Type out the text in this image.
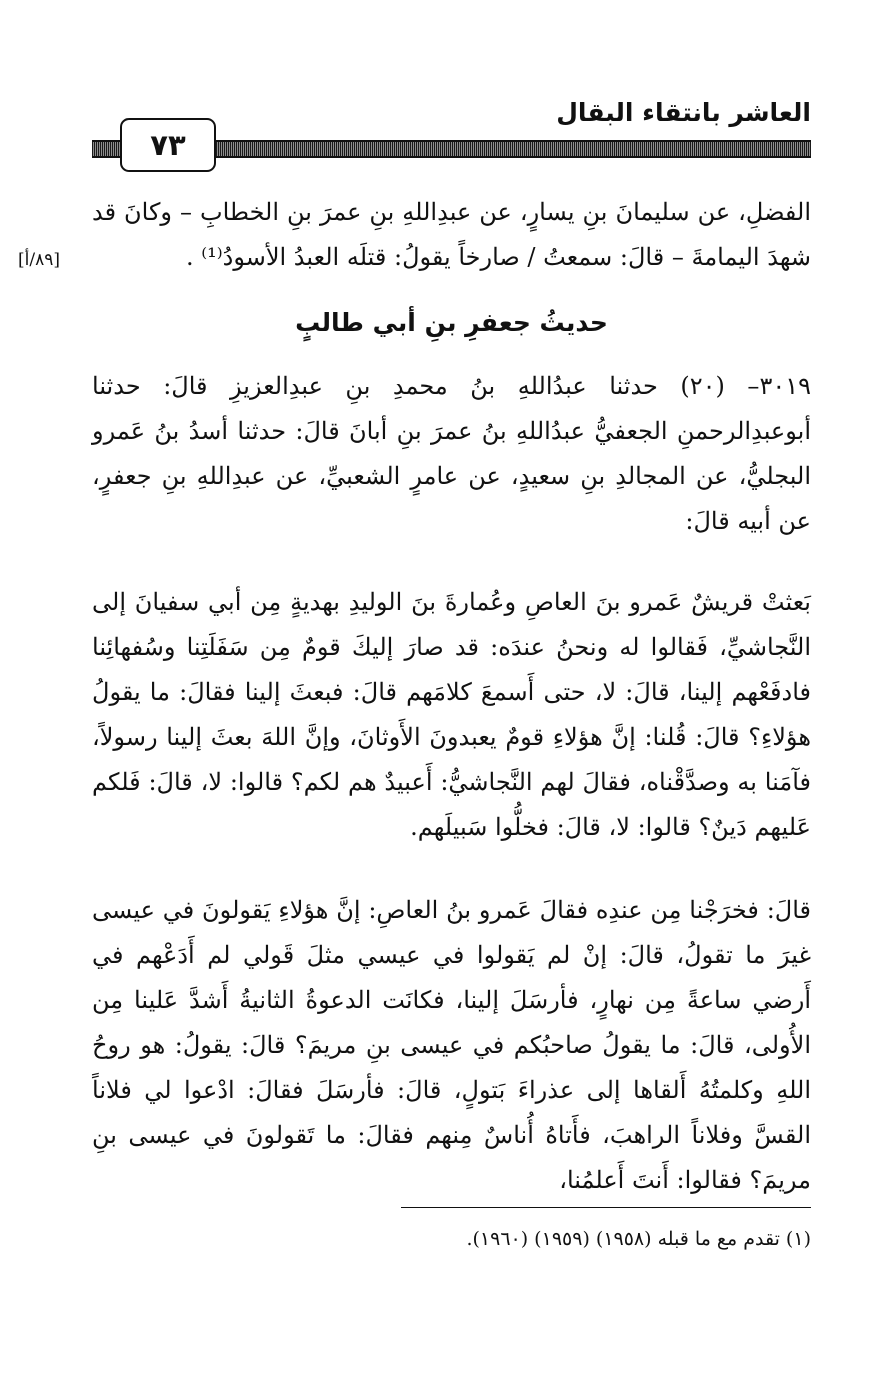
العاشر بانتقاء البقال
٧٣
الفضلِ، عن سليمانَ بنِ يسارٍ، عن عبدِاللهِ بنِ عمرَ بنِ الخطابِ – وكانَ قد شهدَ اليمامةَ – قالَ: سمعتُ / صارخاً يقولُ: قتلَه العبدُ الأسودُ⁽¹⁾ .
[٨٩/أ]
حديثُ جعفرِ بنِ أبي طالبٍ
٣٠١٩– (٢٠) حدثنا عبدُاللهِ بنُ محمدِ بنِ عبدِالعزيزِ قالَ: حدثنا أبوعبدِالرحمنِ الجعفيُّ عبدُاللهِ بنُ عمرَ بنِ أبانَ قالَ: حدثنا أسدُ بنُ عَمرو البجليُّ، عن المجالدِ بنِ سعيدٍ، عن عامرٍ الشعبيِّ، عن عبدِاللهِ بنِ جعفرٍ، عن أبيه قالَ:
بَعثتْ قريشٌ عَمرو بنَ العاصِ وعُمارةَ بنَ الوليدِ بهديةٍ مِن أبي سفيانَ إلى النَّجاشيِّ، فَقالوا له ونحنُ عندَه: قد صارَ إليكَ قومٌ مِن سَفَلَتِنا وسُفهائِنا فادفَعْهم إلينا، قالَ: لا، حتى أَسمعَ كلامَهم قالَ: فبعثَ إلينا فقالَ: ما يقولُ هؤلاءِ؟ قالَ: قُلنا: إنَّ هؤلاءِ قومٌ يعبدونَ الأَوثانَ، وإنَّ اللهَ بعثَ إلينا رسولاً، فآمَنا به وصدَّقْناه، فقالَ لهم النَّجاشيُّ: أَعبيدٌ هم لكم؟ قالوا: لا، قالَ: فَلكم عَليهم دَينٌ؟ قالوا: لا، قالَ: فخلُّوا سَبيلَهم.
قالَ: فخرَجْنا مِن عندِه فقالَ عَمرو بنُ العاصِ: إنَّ هؤلاءِ يَقولونَ في عيسى غيرَ ما تقولُ، قالَ: إنْ لم يَقولوا في عيسي مثلَ قَولي لم أَدَعْهم في أَرضي ساعةً مِن نهارٍ، فأرسَلَ إلينا، فكانَت الدعوةُ الثانيةُ أَشدَّ عَلينا مِن الأُولى، قالَ: ما يقولُ صاحبُكم في عيسى بنِ مريمَ؟ قالَ: يقولُ: هو روحُ اللهِ وكلمتُهُ أَلقاها إلى عذراءَ بَتولٍ، قالَ: فأرسَلَ فقالَ: ادْعوا لي فلاناً القسَّ وفلاناً الراهبَ، فأَتاهُ أُناسٌ مِنهم فقالَ: ما تَقولونَ في عيسى بنِ مريمَ؟ فقالوا: أَنتَ أَعلمُنا،
(١) تقدم مع ما قبله (١٩٥٨) (١٩٥٩) (١٩٦٠).
